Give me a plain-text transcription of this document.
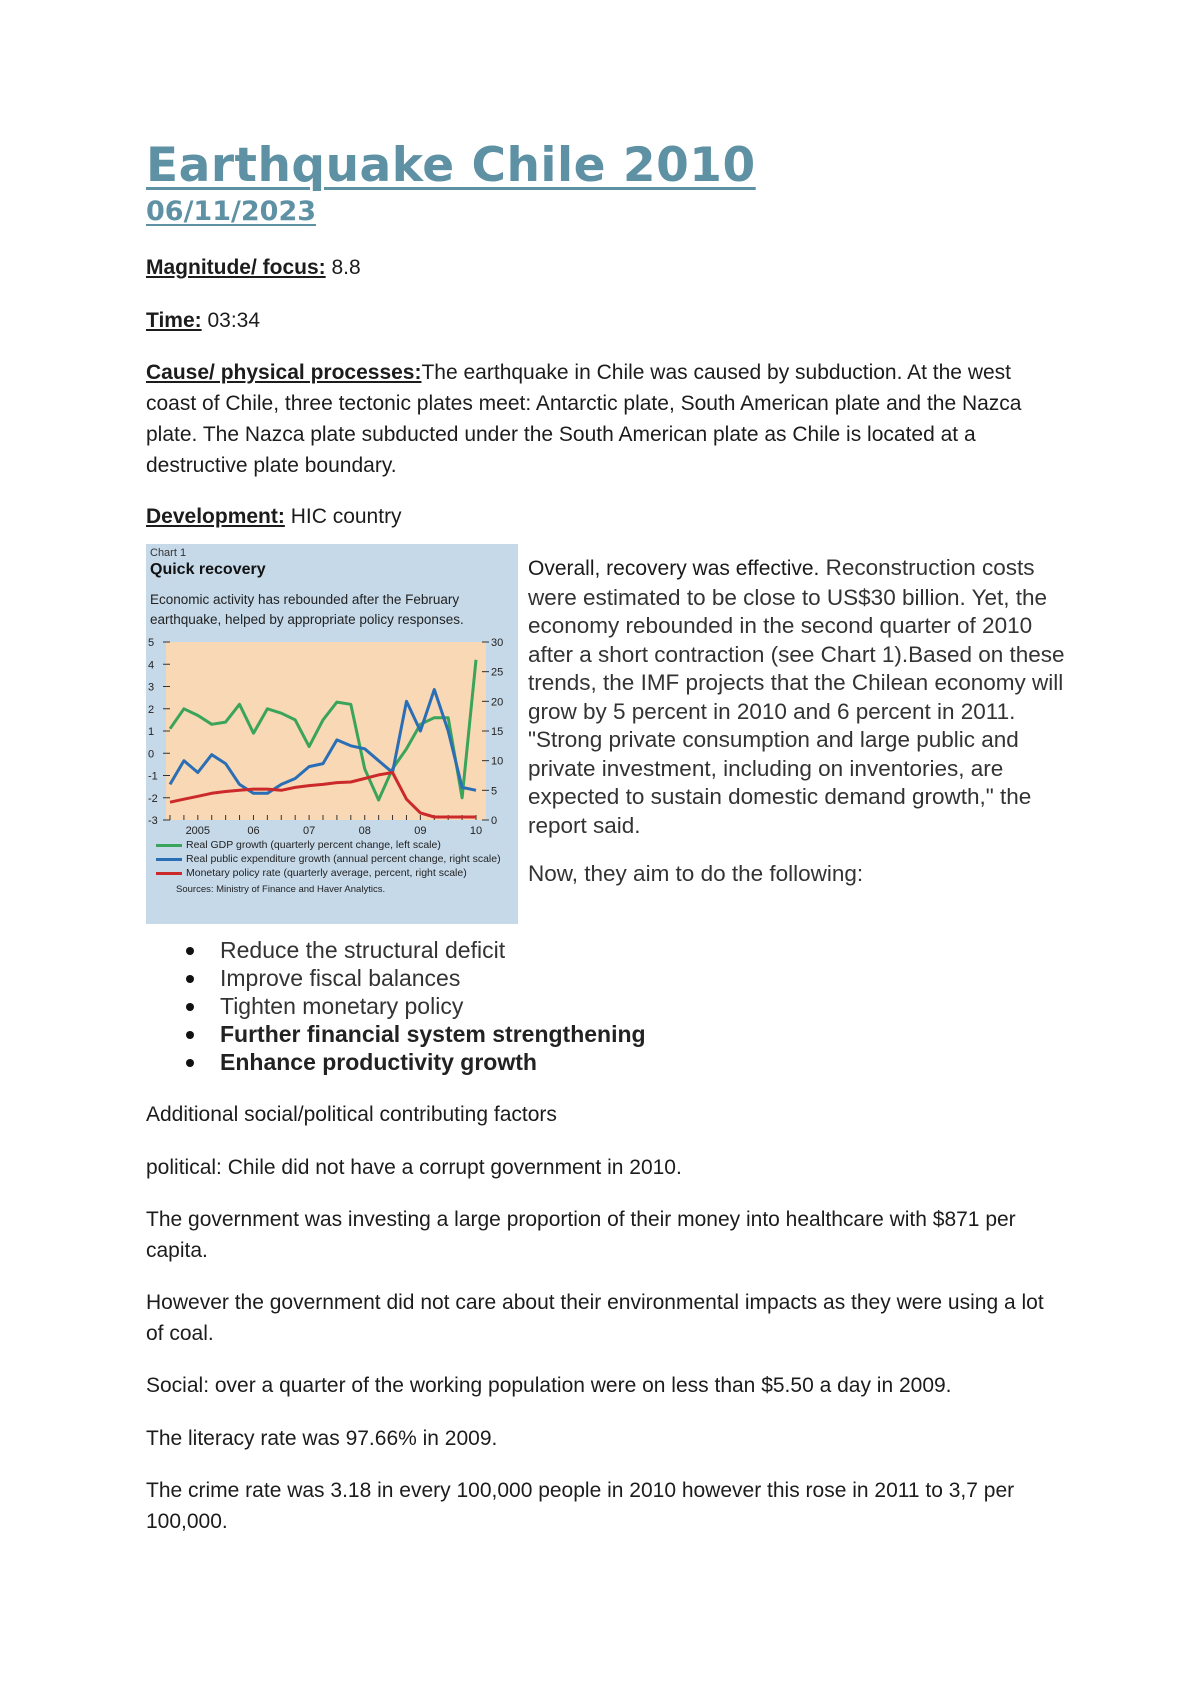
Earthquake Chile 2010
06/11/2023

Magnitude/ focus: 8.8

Time: 03:34

Cause/ physical processes:The earthquake in Chile was caused by subduction. At the west coast of Chile, three tectonic plates meet: Antarctic plate, South American plate and the Nazca plate. The Nazca plate subducted under the South American plate as Chile is located at a destructive plate boundary.

Development: HIC country

Chart 1
Quick recovery
Economic activity has rebounded after the February earthquake, helped by appropriate policy responses.
5
4
3
2
1
0
-1
-2
-3
30
25
20
15
10
5
0
2005	06	07	08	09	10
Real GDP growth (quarterly percent change, left scale)
Real public expenditure growth (annual percent change, right scale)
Monetary policy rate (quarterly average, percent, right scale)
Sources: Ministry of Finance and Haver Analytics.

Overall, recovery was effective. Reconstruction costs were estimated to be close to US$30 billion. Yet, the economy rebounded in the second quarter of 2010 after a short contraction (see Chart 1).Based on these trends, the IMF projects that the Chilean economy will grow by 5 percent in 2010 and 6 percent in 2011. "Strong private consumption and large public and private investment, including on inventories, are expected to sustain domestic demand growth," the report said.

Now, they aim to do the following:

Reduce the structural deficit
Improve fiscal balances
Tighten monetary policy
Further financial system strengthening
Enhance productivity growth

Additional social/political contributing factors

political: Chile did not have a corrupt government in 2010.

The government was investing a large proportion of their money into healthcare with $871 per capita.

However the government did not care about their environmental impacts as they were using a lot of coal.

Social: over a quarter of the working population were on less than $5.50 a day in 2009.

The literacy rate was 97.66% in 2009.

The crime rate was 3.18 in every 100,000 people in 2010 however this rose in 2011 to 3,7 per 100,000.
